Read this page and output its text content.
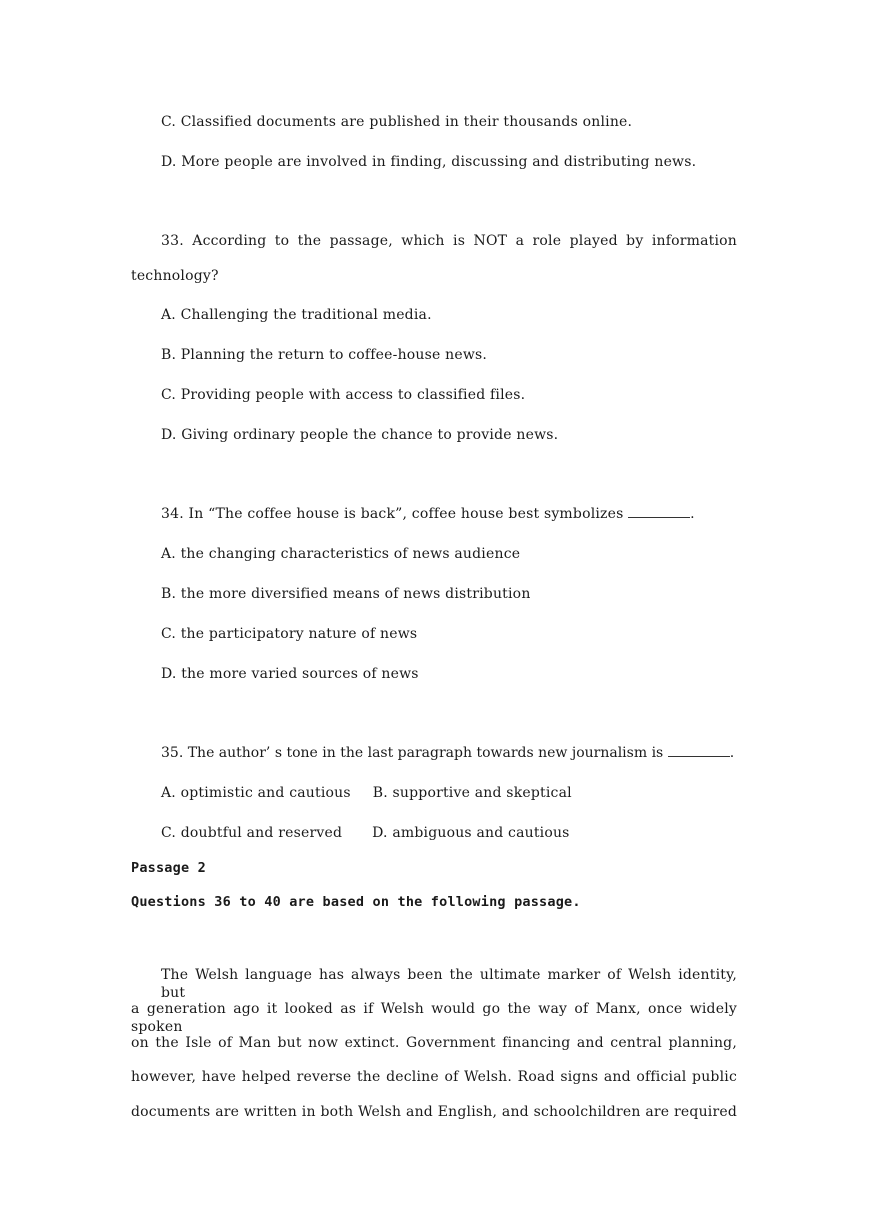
C. Classified documents are published in their thousands online.
D. More people are involved in finding, discussing and distributing news.
33. According to the passage, which is NOT a role played by information
technology?
A. Challenging the traditional media.
B. Planning the return to coffee-house news.
C. Providing people with access to classified files.
D. Giving ordinary people the chance to provide news.
34. In “The coffee house is back”, coffee house best symbolizes	.
A. the changing characteristics of news audience
B. the more diversified means of news distribution
C. the participatory nature of news
D. the more varied sources of news
35. The author’ s tone in the last paragraph towards new journalism is	.
A. optimistic and cautious B. supportive and skeptical
C. doubtful and reserved D. ambiguous and cautious
Passage 2
Questions 36 to 40 are based on the following passage.
The Welsh language has always been the ultimate marker of Welsh identity, but
a generation ago it looked as if Welsh would go the way of Manx, once widely spoken
on the Isle of Man but now extinct. Government financing and central planning,
however, have helped reverse the decline of Welsh. Road signs and official public
documents are written in both Welsh and English, and schoolchildren are required
